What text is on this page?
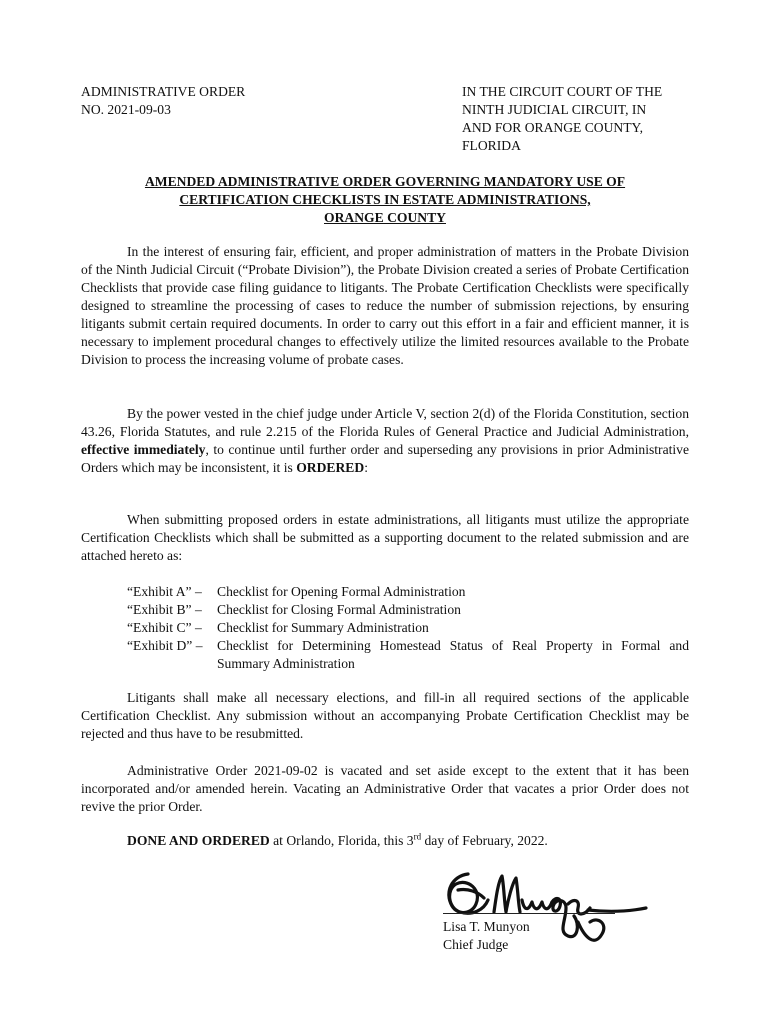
ADMINISTRATIVE ORDER
NO. 2021-09-03
IN THE CIRCUIT COURT OF THE
NINTH JUDICIAL CIRCUIT, IN
AND FOR ORANGE COUNTY,
FLORIDA
AMENDED ADMINISTRATIVE ORDER GOVERNING MANDATORY USE OF
CERTIFICATION CHECKLISTS IN ESTATE ADMINISTRATIONS,
ORANGE COUNTY
In the interest of ensuring fair, efficient, and proper administration of matters in the Probate Division of the Ninth Judicial Circuit (“Probate Division”), the Probate Division created a series of Probate Certification Checklists that provide case filing guidance to litigants. The Probate Certification Checklists were specifically designed to streamline the processing of cases to reduce the number of submission rejections, by ensuring litigants submit certain required documents. In order to carry out this effort in a fair and efficient manner, it is necessary to implement procedural changes to effectively utilize the limited resources available to the Probate Division to process the increasing volume of probate cases.
By the power vested in the chief judge under Article V, section 2(d) of the Florida Constitution, section 43.26, Florida Statutes, and rule 2.215 of the Florida Rules of General Practice and Judicial Administration, effective immediately, to continue until further order and superseding any provisions in prior Administrative Orders which may be inconsistent, it is ORDERED:
When submitting proposed orders in estate administrations, all litigants must utilize the appropriate Certification Checklists which shall be submitted as a supporting document to the related submission and are attached hereto as:
“Exhibit A” –	Checklist for Opening Formal Administration
“Exhibit B” –	Checklist for Closing Formal Administration
“Exhibit C” –	Checklist for Summary Administration
“Exhibit D” –	Checklist for Determining Homestead Status of Real Property in Formal and Summary Administration
Litigants shall make all necessary elections, and fill-in all required sections of the applicable Certification Checklist. Any submission without an accompanying Probate Certification Checklist may be rejected and thus have to be resubmitted.
Administrative Order 2021-09-02 is vacated and set aside except to the extent that it has been incorporated and/or amended herein. Vacating an Administrative Order that vacates a prior Order does not revive the prior Order.
DONE AND ORDERED at Orlando, Florida, this 3rd day of February, 2022.
Lisa T. Munyon
Chief Judge
